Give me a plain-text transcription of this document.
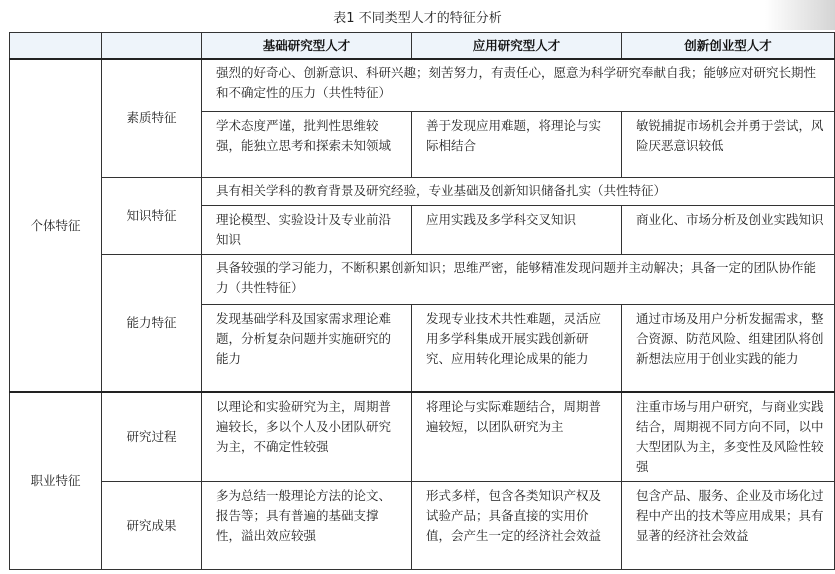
表1 不同类型人才的特征分析
		基础研究型人才	应用研究型人才	创新创业型人才
个体特征	素质特征	强烈的好奇心、创新意识、科研兴趣；刻苦努力，有责任心，愿意为科学研究奉献自我；能够应对研究长期性和不确定性的压力（共性特征）		
		学术态度严谨，批判性思维较强，能独立思考和探索未知领域	善于发现应用难题，将理论与实际相结合	敏锐捕捉市场机会并勇于尝试，风险厌恶意识较低
	知识特征	具有相关学科的教育背景及研究经验，专业基础及创新知识储备扎实（共性特征）		
		理论模型、实验设计及专业前沿知识	应用实践及多学科交叉知识	商业化、市场分析及创业实践知识
	能力特征	具备较强的学习能力，不断积累创新知识；思维严密，能够精准发现问题并主动解决；具备一定的团队协作能力（共性特征）		
		发现基础学科及国家需求理论难题，分析复杂问题并实施研究的能力	发现专业技术共性难题，灵活应用多学科集成开展实践创新研究、应用转化理论成果的能力	通过市场及用户分析发掘需求，整合资源、防范风险、组建团队将创新想法应用于创业实践的能力
职业特征	研究过程	以理论和实验研究为主，周期普遍较长，多以个人及小团队研究为主，不确定性较强	将理论与实际难题结合，周期普遍较短，以团队研究为主	注重市场与用户研究，与商业实践结合，周期视不同方向不同，以中大型团队为主，多变性及风险性较强
	研究成果	多为总结一般理论方法的论文、报告等；具有普遍的基础支撑性，溢出效应较强	形式多样，包含各类知识产权及试验产品；具备直接的实用价值，会产生一定的经济社会效益	包含产品、服务、企业及市场化过程中产出的技术等应用成果；具有显著的经济社会效益
